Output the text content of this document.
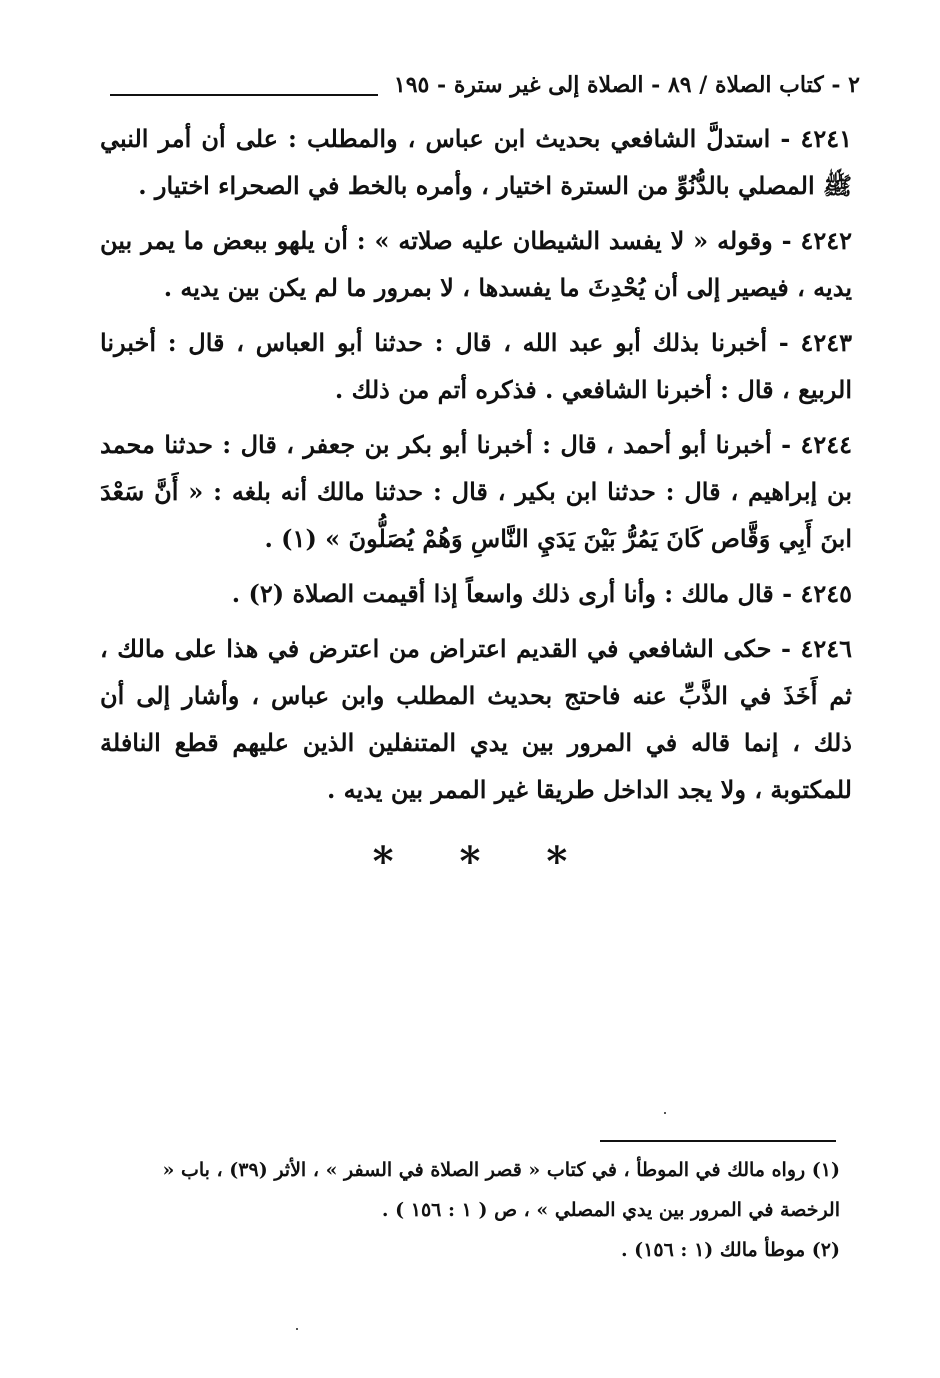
٢ - كتاب الصلاة / ٨٩ - الصلاة إلى غير سترة - ١٩٥

٤٢٤١ - استدلَّ الشافعي بحديث ابن عباس ، والمطلب : على أن أمر النبي ﷺ المصلي بالدُّنُوِّ من السترة اختيار ، وأمره بالخط في الصحراء اختيار .

٤٢٤٢ - وقوله « لا يفسد الشيطان عليه صلاته » : أن يلهو ببعض ما يمر بين يديه ، فيصير إلى أن يُحْدِثَ ما يفسدها ، لا بمرور ما لم يكن بين يديه .

٤٢٤٣ - أخبرنا بذلك أبو عبد الله ، قال : حدثنا أبو العباس ، قال : أخبرنا الربيع ، قال : أخبرنا الشافعي . فذكره أتم من ذلك .

٤٢٤٤ - أخبرنا أبو أحمد ، قال : أخبرنا أبو بكر بن جعفر ، قال : حدثنا محمد بن إبراهيم ، قال : حدثنا ابن بكير ، قال : حدثنا مالك أنه بلغه : « أَنَّ سَعْدَ ابنَ أَبِي وَقَّاص كَانَ يَمُرُّ بَيْنَ يَدَيِ النَّاسِ وَهُمْ يُصَلُّونَ » (١) .

٤٢٤٥ - قال مالك : وأنا أرى ذلك واسعاً إذا أقيمت الصلاة (٢) .

٤٢٤٦ - حكى الشافعي في القديم اعتراض من اعترض في هذا على مالك ، ثم أَخَذَ في الذَّبِّ عنه فاحتج بحديث المطلب وابن عباس ، وأشار إلى أن ذلك ، إنما قاله في المرور بين يدي المتنفلين الذين عليهم قطع النافلة للمكتوبة ، ولا يجد الداخل طريقا غير الممر بين يديه .

* * *

(١) رواه مالك في الموطأ ، في كتاب « قصر الصلاة في السفر » ، الأثر (٣٩) ، باب « الرخصة في المرور بين يدي المصلي » ، ص ( ١ : ١٥٦ ) .

(٢) موطأ مالك (١ : ١٥٦) .
